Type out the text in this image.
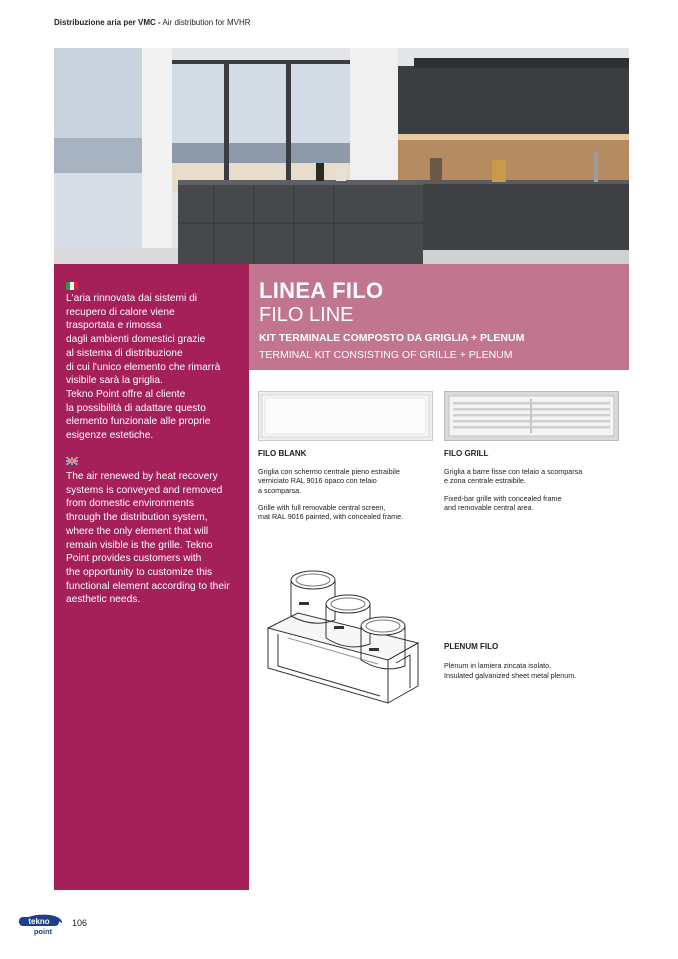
Distribuzione aria per VMC - Air distribution for MVHR
L'aria rinnovata dai sistemi di
recupero di calore viene
trasportata e rimossa
dagli ambienti domestici grazie
al sistema di distribuzione
di cui l'unico elemento che rimarrà
visibile sarà la griglia.
Tekno Point offre al cliente
la possibilità di adattare questo
elemento funzionale alle proprie
esigenze estetiche.
The air renewed by heat recovery
systems is conveyed and removed
from domestic environments
through the distribution system,
where the only element that will
remain visible is the grille. Tekno
Point provides customers with
the opportunity to customize this
functional element according to their
aesthetic needs.
LINEA FILO
FILO LINE
KIT TERMINALE COMPOSTO DA GRIGLIA + PLENUM
TERMINAL KIT CONSISTING OF GRILLE + PLENUM
FILO BLANK
Griglia con schermo centrale pieno estraibile
verniciato RAL 9016 opaco con telaio
a scomparsa.
Grille with full removable central screen,
mat RAL 9016 painted, with concealed frame.
FILO GRILL
Griglia a barre fisse con telaio a scomparsa
e zona centrale estraibile.
Fixed-bar grille with concealed frame
and removable central area.
PLENUM FILO
Plenum in lamiera zincata isolato.
Insulated galvanized sheet metal plenum.
tekno
point
106
